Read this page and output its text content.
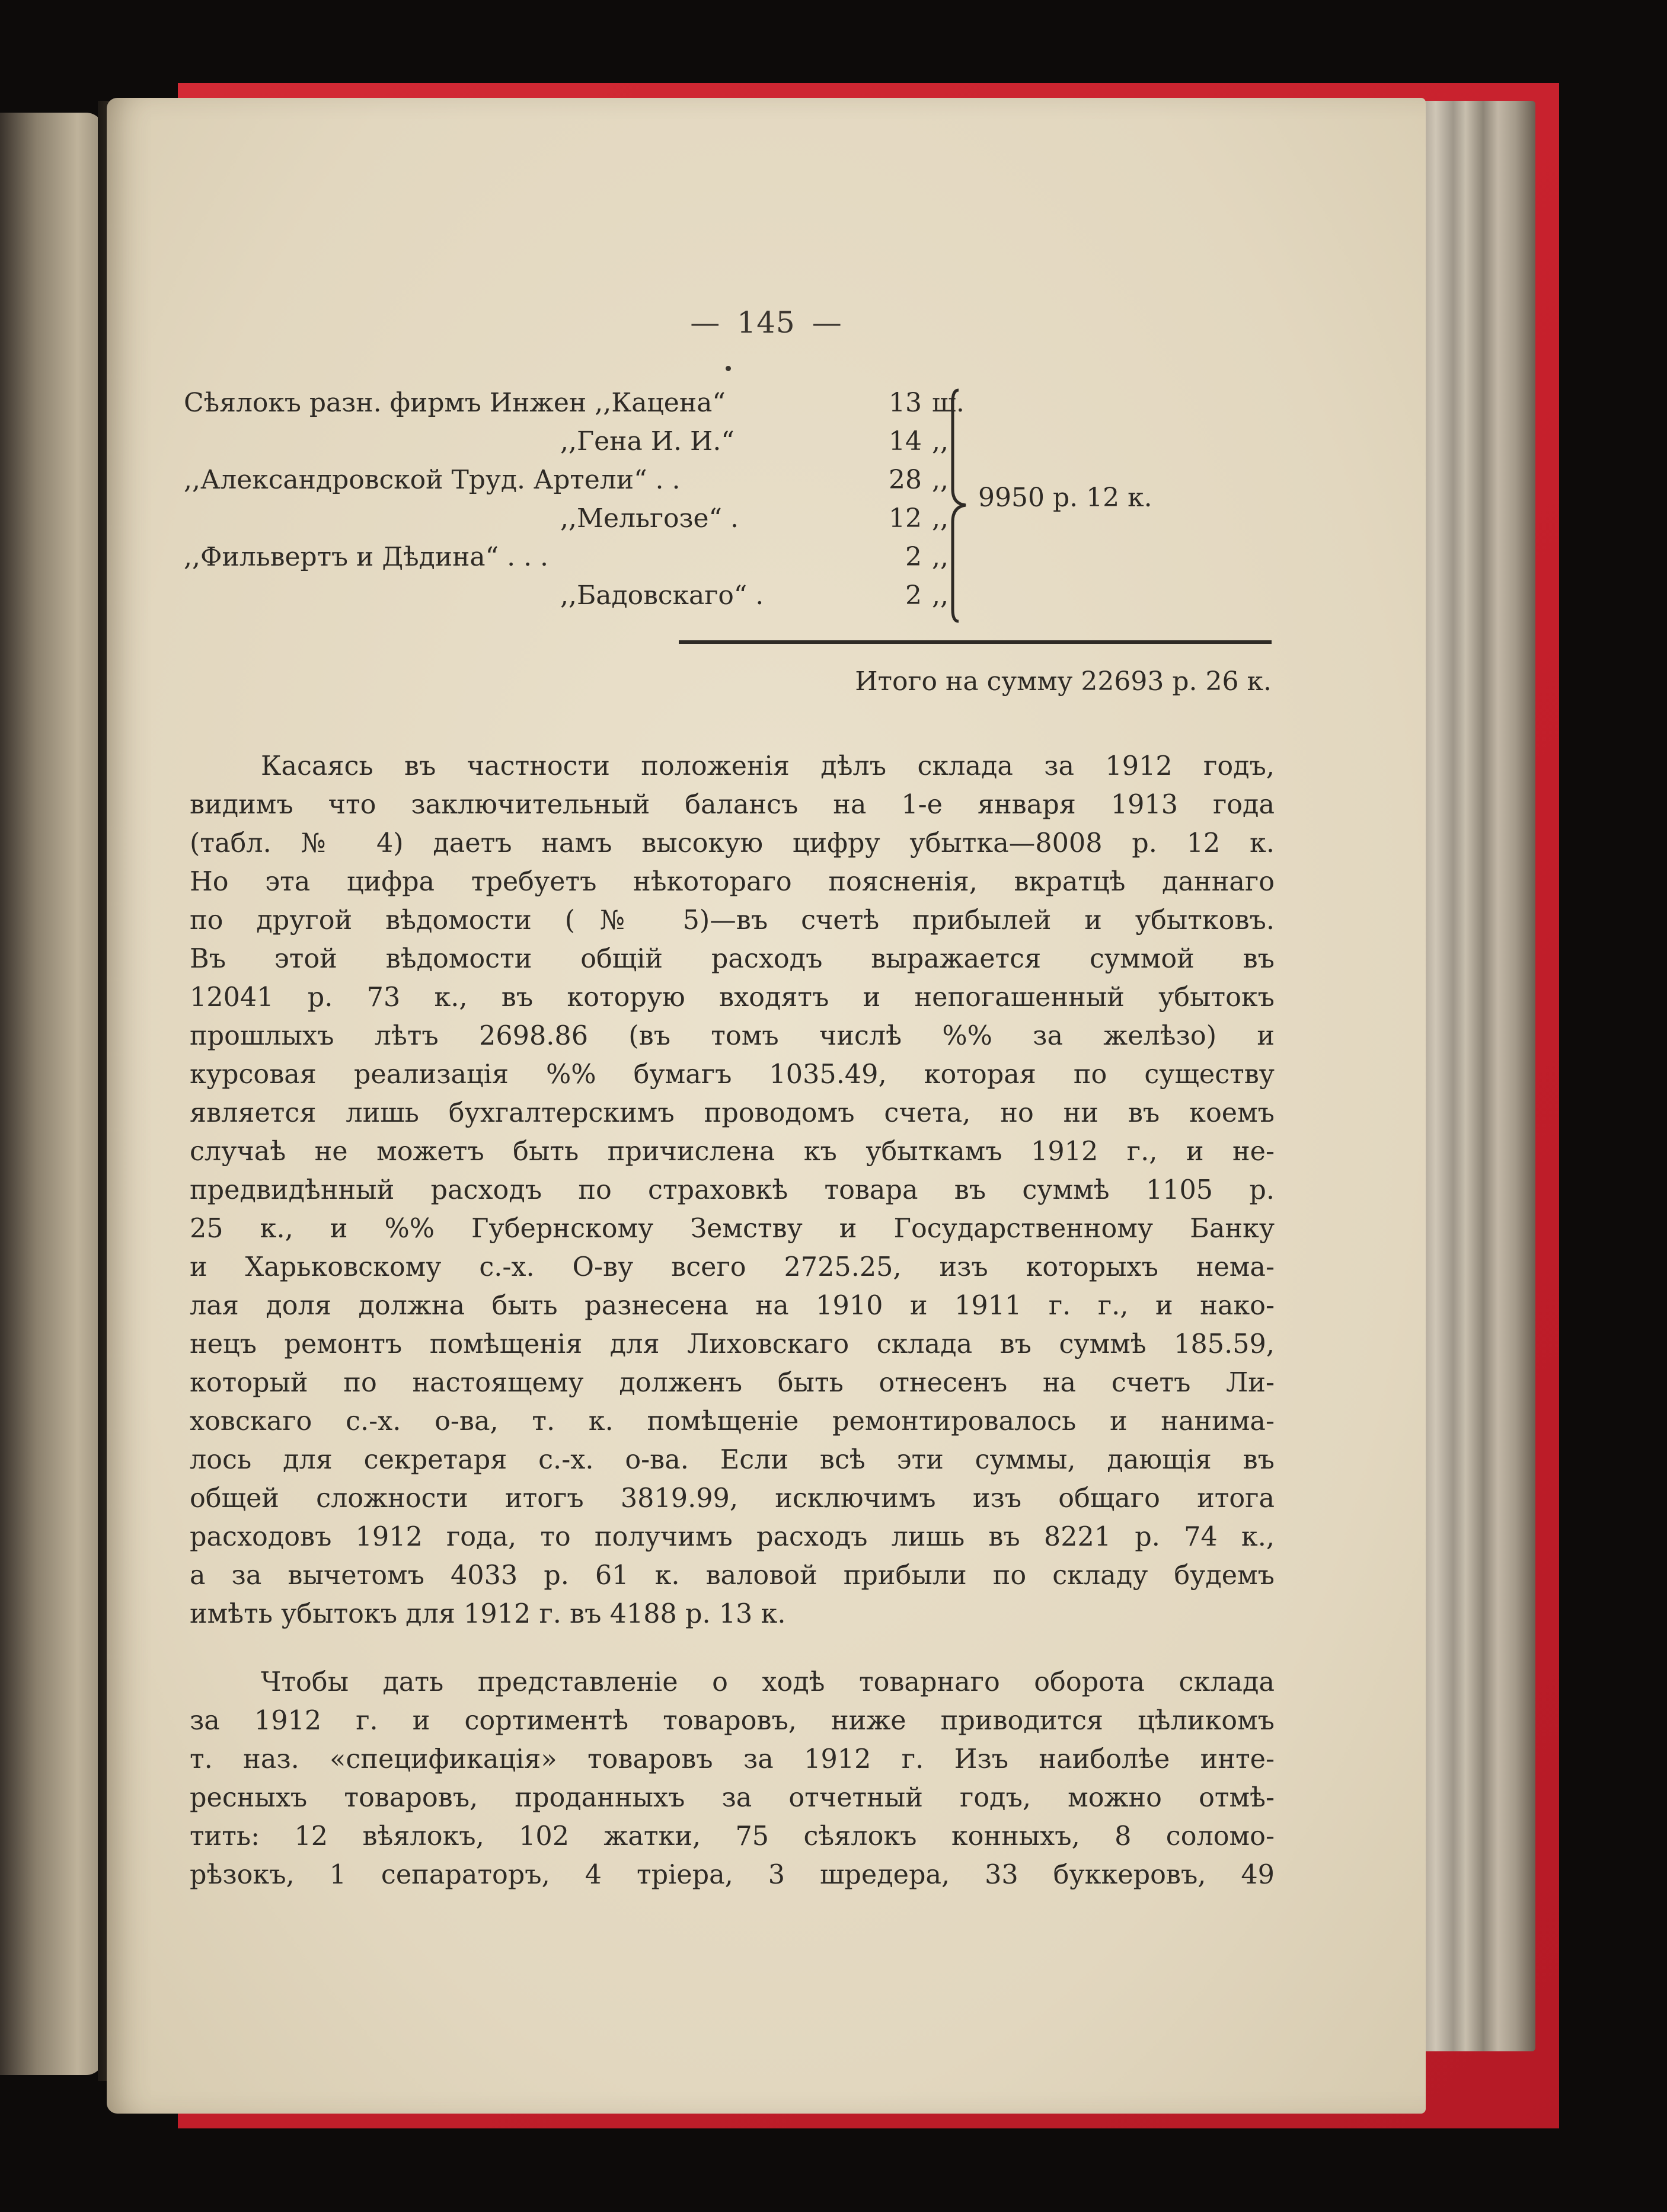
— 145 —
Сѣялокъ разн. фирмъ Инжен ,,Кацена“	13 ш.
,,Гена И. И.“	14 ,,
,,Александровской Труд. Артели“ . .	28 ,,
,,Мельгозе“ .	12 ,,
,,Фильвертъ и Дѣдина“ . . .	2 ,,
,,Бадовскаго“ .	2 ,,
9950 р. 12 к.
Итого на сумму 22693 р. 26 к.
Касаясь въ частности положенія дѣлъ склада за 1912 годъ,
видимъ что заключительный балансъ на 1-е января 1913 года
(табл. № 4) даетъ намъ высокую цифру убытка—8008 р. 12 к.
Но эта цифра требуетъ нѣкотораго поясненія, вкратцѣ даннаго
по другой вѣдомости (№ 5)—въ счетѣ прибылей и убытковъ.
Въ этой вѣдомости общій расходъ выражается суммой въ
12041 р. 73 к., въ которую входятъ и непогашенный убытокъ
прошлыхъ лѣтъ 2698.86 (въ томъ числѣ %% за желѣзо) и
курсовая реализація %% бумагъ 1035.49, которая по существу
является лишь бухгалтерскимъ проводомъ счета, но ни въ коемъ
случаѣ не можетъ быть причислена къ убыткамъ 1912 г., и не-
предвидѣнный расходъ по страховкѣ товара въ суммѣ 1105 р.
25 к., и %% Губернскому Земству и Государственному Банку
и Харьковскому с.-х. О-ву всего 2725.25, изъ которыхъ нема-
лая доля должна быть разнесена на 1910 и 1911 г. г., и нако-
нецъ ремонтъ помѣщенія для Лиховскаго склада въ суммѣ 185.59,
который по настоящему долженъ быть отнесенъ на счетъ Ли-
ховскаго с.-х. о-ва, т. к. помѣщеніе ремонтировалось и нанима-
лось для секретаря с.-х. о-ва. Если всѣ эти суммы, дающія въ
общей сложности итогъ 3819.99, исключимъ изъ общаго итога
расходовъ 1912 года, то получимъ расходъ лишь въ 8221 р. 74 к.,
а за вычетомъ 4033 р. 61 к. валовой прибыли по складу будемъ
имѣть убытокъ для 1912 г. въ 4188 р. 13 к.
Чтобы дать представленіе о ходѣ товарнаго оборота склада
за 1912 г. и сортиментѣ товаровъ, ниже приводится цѣликомъ
т. наз. «спецификація» товаровъ за 1912 г. Изъ наиболѣе инте-
ресныхъ товаровъ, проданныхъ за отчетный годъ, можно отмѣ-
тить: 12 вѣялокъ, 102 жатки, 75 сѣялокъ конныхъ, 8 соломо-
рѣзокъ, 1 сепараторъ, 4 тріера, 3 шредера, 33 буккеровъ, 49
